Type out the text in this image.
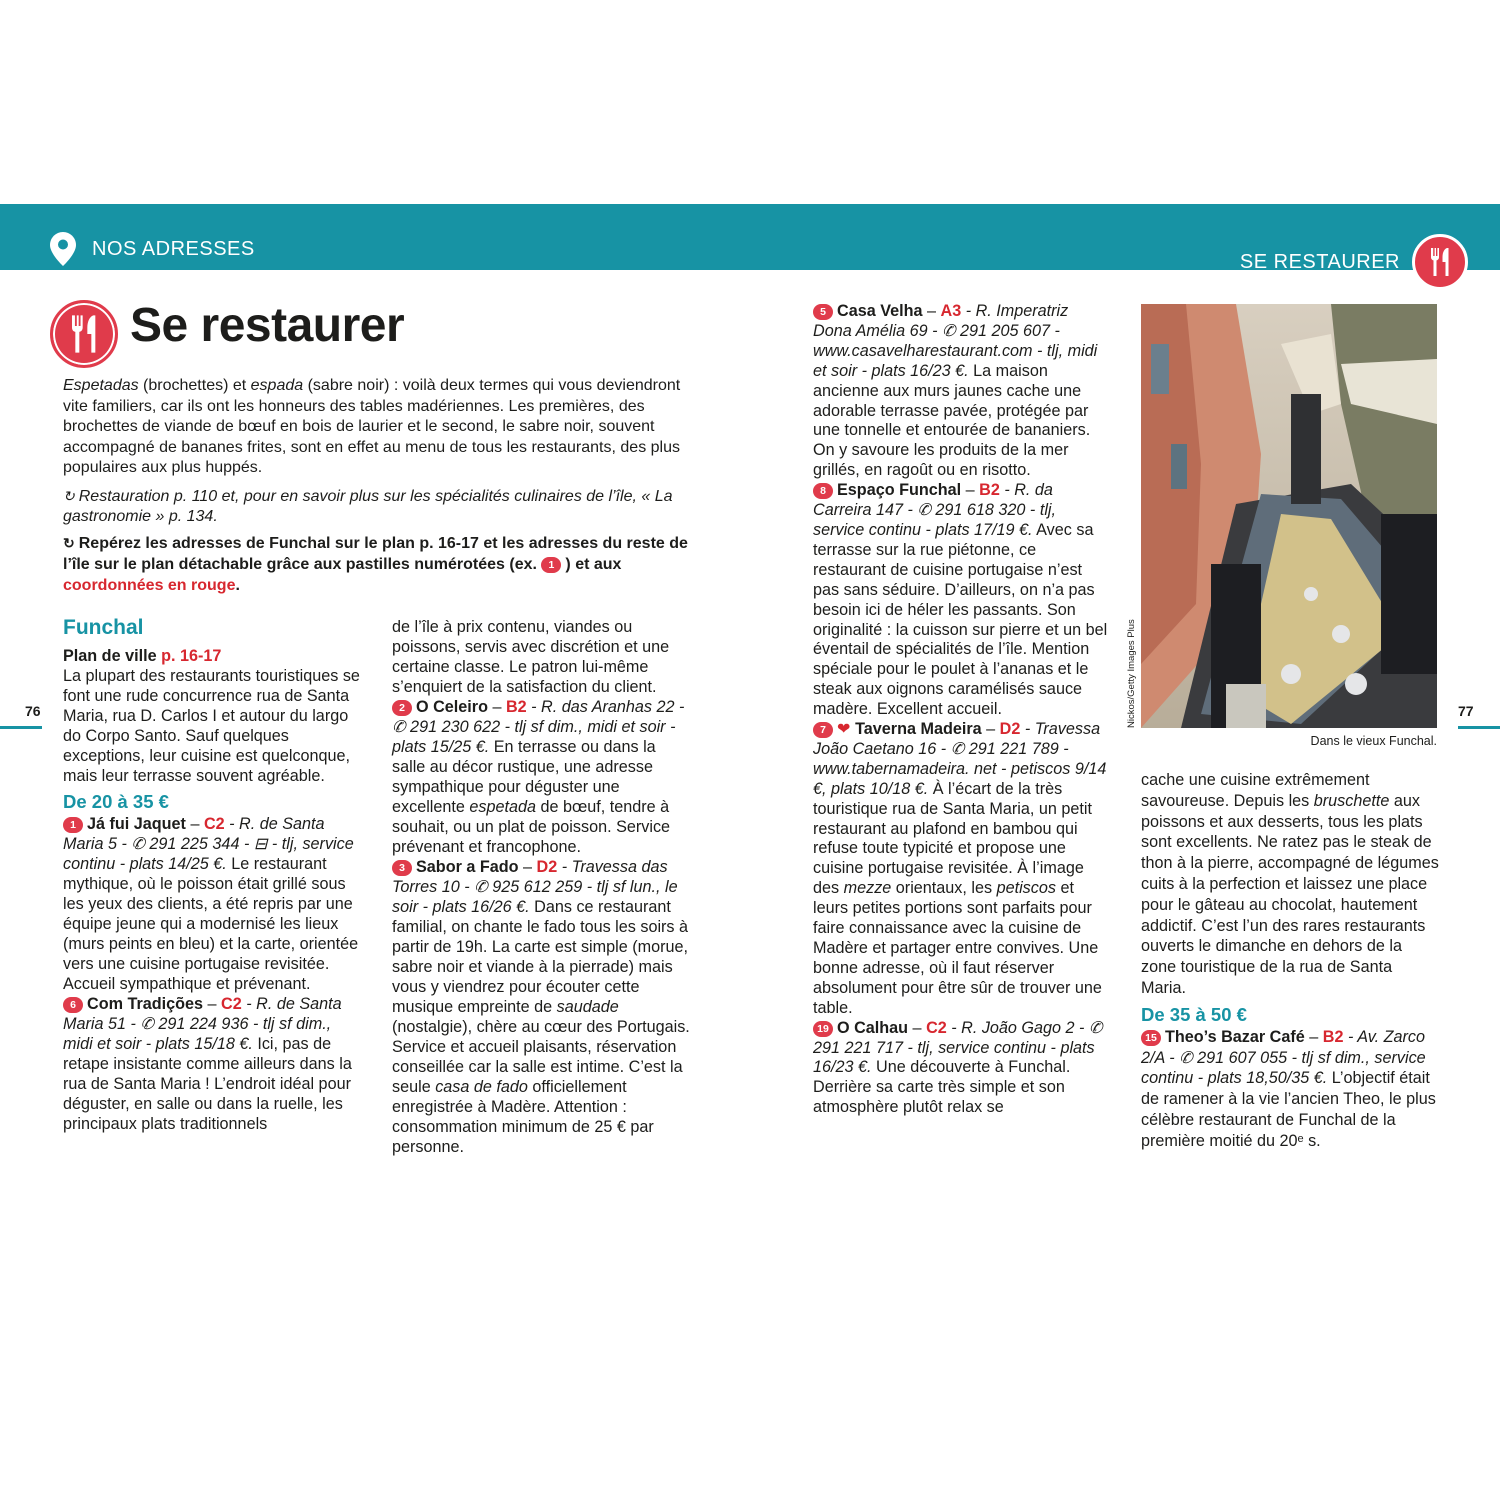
NOS ADRESSES
SE RESTAURER
Se restaurer
Espetadas (brochettes) et espada (sabre noir) : voilà deux termes qui vous deviendront vite familiers, car ils ont les honneurs des tables madériennes. Les premières, des brochettes de viande de bœuf en bois de laurier et le second, le sabre noir, souvent accompagné de bananes frites, sont en effet au menu de tous les restaurants, des plus populaires aux plus huppés.
↻ Restauration p. 110 et, pour en savoir plus sur les spécialités culinaires de l’île, « La gastronomie » p. 134.
↻ Repérez les adresses de Funchal sur le plan p. 16-17 et les adresses du reste de l’île sur le plan détachable grâce aux pastilles numérotées (ex. 1 ) et aux coordonnées en rouge.
Funchal
Plan de ville p. 16-17
La plupart des restaurants touristiques se font une rude concurrence rua de Santa Maria, rua D. Carlos I et autour du largo do Corpo Santo. Sauf quelques exceptions, leur cuisine est quelconque, mais leur terrasse souvent agréable.
De 20 à 35 €
1 Já fui Jaquet – C2 - R. de Santa Maria 5 - ✆ 291 225 344 - ⊟ - tlj, service continu - plats 14/25 €. Le restaurant mythique, où le poisson était grillé sous les yeux des clients, a été repris par une équipe jeune qui a modernisé les lieux (murs peints en bleu) et la carte, orientée vers une cuisine portugaise revisitée. Accueil sympathique et prévenant.
6 Com Tradições – C2 - R. de Santa Maria 51 - ✆ 291 224 936 - tlj sf dim., midi et soir - plats 15/18 €. Ici, pas de retape insistante comme ailleurs dans la rua de Santa Maria ! L’endroit idéal pour déguster, en salle ou dans la ruelle, les principaux plats traditionnels
de l’île à prix contenu, viandes ou poissons, servis avec discrétion et une certaine classe. Le patron lui-même s’enquiert de la satisfaction du client.
2 O Celeiro – B2 - R. das Aranhas 22 - ✆ 291 230 622 - tlj sf dim., midi et soir - plats 15/25 €. En terrasse ou dans la salle au décor rustique, une adresse sympathique pour déguster une excellente espetada de bœuf, tendre à souhait, ou un plat de poisson. Service prévenant et francophone.
3 Sabor a Fado – D2 - Travessa das Torres 10 - ✆ 925 612 259 - tlj sf lun., le soir - plats 16/26 €. Dans ce restaurant familial, on chante le fado tous les soirs à partir de 19h. La carte est simple (morue, sabre noir et viande à la pierrade) mais vous y viendrez pour écouter cette musique empreinte de saudade (nostalgie), chère au cœur des Portugais. Service et accueil plaisants, réservation conseillée car la salle est intime. C’est la seule casa de fado officiellement enregistrée à Madère. Attention : consommation minimum de 25 € par personne.
76	77
5 Casa Velha – A3 - R. Imperatriz Dona Amélia 69 - ✆ 291 205 607 - www.casavelharestaurant.com - tlj, midi et soir - plats 16/23 €. La maison ancienne aux murs jaunes cache une adorable terrasse pavée, protégée par une tonnelle et entourée de bananiers. On y savoure les produits de la mer grillés, en ragoût ou en risotto.
8 Espaço Funchal – B2 - R. da Carreira 147 - ✆ 291 618 320 - tlj, service continu - plats 17/19 €. Avec sa terrasse sur la rue piétonne, ce restaurant de cuisine portugaise n’est pas sans séduire. D’ailleurs, on n’a pas besoin ici de héler les passants. Son originalité : la cuisson sur pierre et un bel éventail de spécialités de l’île. Mention spéciale pour le poulet à l’ananas et le steak aux oignons caramélisés sauce madère. Excellent accueil.
7 ❤ Taverna Madeira – D2 - Travessa João Caetano 16 - ✆ 291 221 789 - www.tabernamadeira. net - petiscos 9/14 €, plats 10/18 €. À l’écart de la très touristique rua de Santa Maria, un petit restaurant au plafond en bambou qui refuse toute typicité et propose une cuisine portugaise revisitée. À l’image des mezze orientaux, les petiscos et leurs petites portions sont parfaits pour faire connaissance avec la cuisine de Madère et partager entre convives. Une bonne adresse, où il faut réserver absolument pour être sûr de trouver une table.
19 O Calhau – C2 - R. João Gago 2 - ✆ 291 221 717 - tlj, service continu - plats 16/23 €. Une découverte à Funchal. Derrière sa carte très simple et son atmosphère plutôt relax se
Nickos/Getty Images Plus
Dans le vieux Funchal.
cache une cuisine extrêmement savoureuse. Depuis les bruschette aux poissons et aux desserts, tous les plats sont excellents. Ne ratez pas le steak de thon à la pierre, accompagné de légumes cuits à la perfection et laissez une place pour le gâteau au chocolat, hautement addictif. C’est l’un des rares restaurants ouverts le dimanche en dehors de la zone touristique de la rua de Santa Maria.
De 35 à 50 €
15 Theo’s Bazar Café – B2 - Av. Zarco 2/A - ✆ 291 607 055 - tlj sf dim., service continu - plats 18,50/35 €. L’objectif était de ramener à la vie l’ancien Theo, le plus célèbre restaurant de Funchal de la première moitié du 20ᵉ s.
